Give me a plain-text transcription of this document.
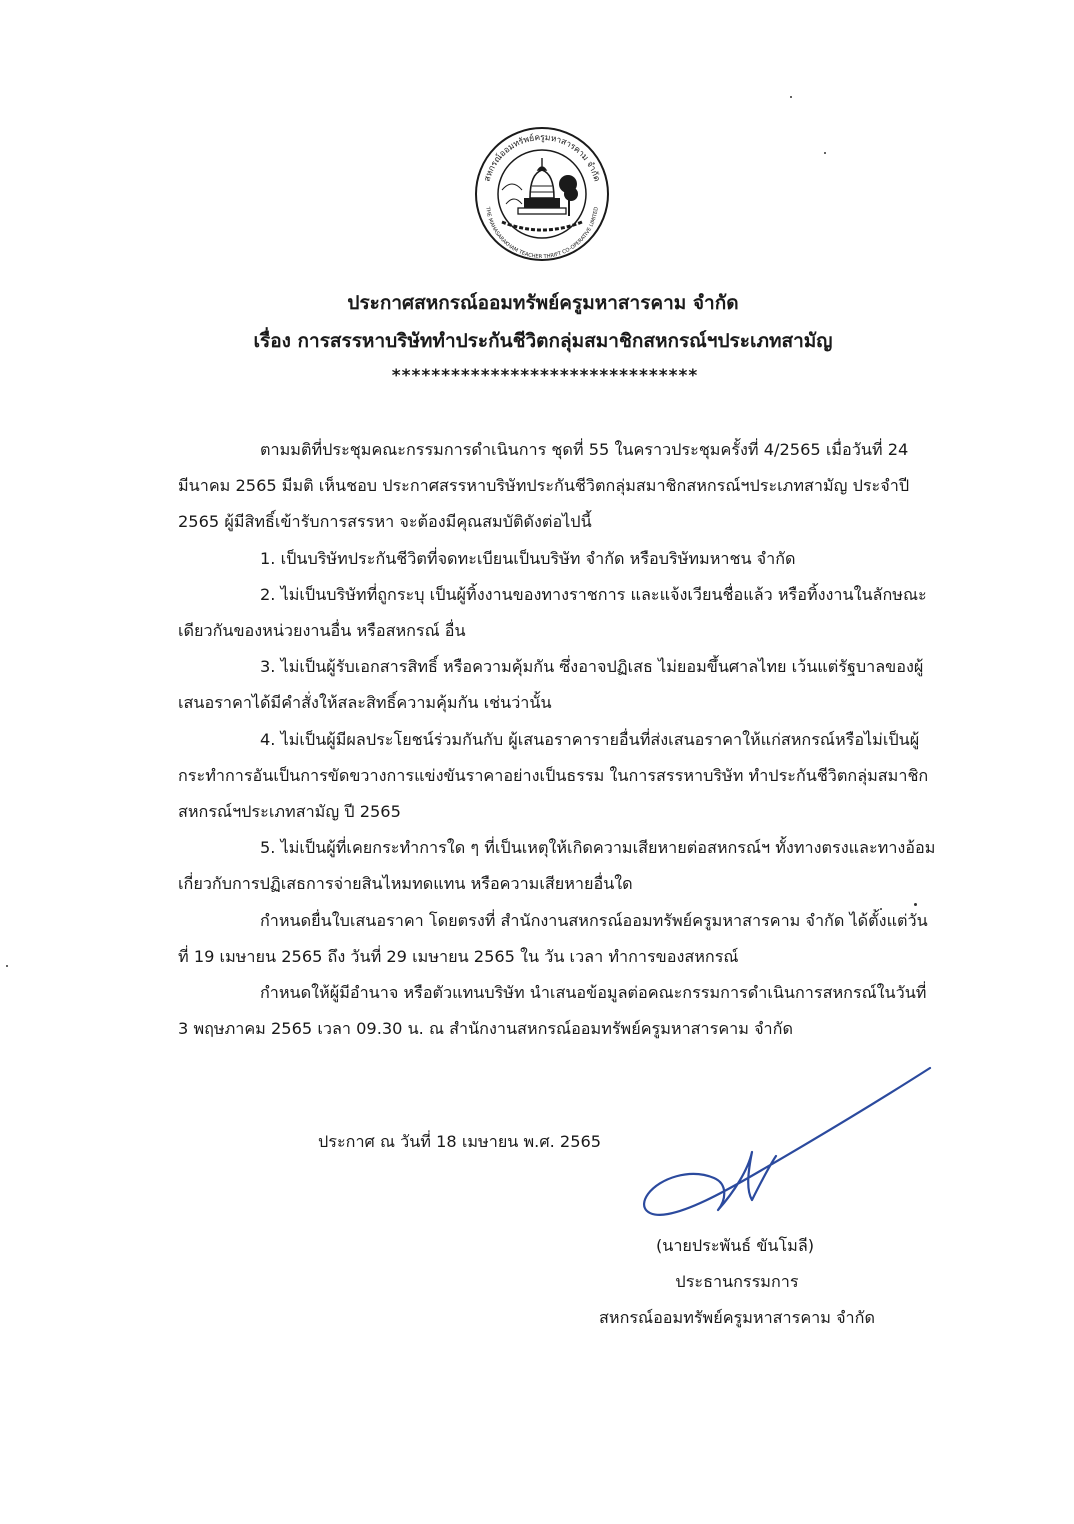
สหกรณ์ออมทรัพย์ครูมหาสารคาม จำกัด
THE MAHASARAKHAM TEACHER THRIFT CO-OPERATIVE LIMITED
ประกาศสหกรณ์ออมทรัพย์ครูมหาสารคาม จำกัด
เรื่อง การสรรหาบริษัททำประกันชีวิตกลุ่มสมาชิกสหกรณ์ฯประเภทสามัญ
*******************************

ตามมติที่ประชุมคณะกรรมการดำเนินการ ชุดที่ 55 ในคราวประชุมครั้งที่ 4/2565 เมื่อวันที่ 24 มีนาคม 2565 มีมติ เห็นชอบ ประกาศสรรหาบริษัทประกันชีวิตกลุ่มสมาชิกสหกรณ์ฯประเภทสามัญ ประจำปี 2565 ผู้มีสิทธิ์เข้ารับการสรรหา จะต้องมีคุณสมบัติดังต่อไปนี้

1. เป็นบริษัทประกันชีวิตที่จดทะเบียนเป็นบริษัท จำกัด หรือบริษัทมหาชน จำกัด

2. ไม่เป็นบริษัทที่ถูกระบุ เป็นผู้ทิ้งงานของทางราชการ และแจ้งเวียนชื่อแล้ว หรือทิ้งงานในลักษณะเดียวกันของหน่วยงานอื่น หรือสหกรณ์ อื่น

3. ไม่เป็นผู้รับเอกสารสิทธิ์ หรือความคุ้มกัน ซึ่งอาจปฏิเสธ ไม่ยอมขึ้นศาลไทย เว้นแต่รัฐบาลของผู้เสนอราคาได้มีคำสั่งให้สละสิทธิ์ความคุ้มกัน เช่นว่านั้น

4. ไม่เป็นผู้มีผลประโยชน์ร่วมกันกับ ผู้เสนอราคารายอื่นที่ส่งเสนอราคาให้แก่สหกรณ์หรือไม่เป็นผู้กระทำการอันเป็นการขัดขวางการแข่งขันราคาอย่างเป็นธรรม ในการสรรหาบริษัท ทำประกันชีวิตกลุ่มสมาชิกสหกรณ์ฯประเภทสามัญ ปี 2565

5. ไม่เป็นผู้ที่เคยกระทำการใด ๆ ที่เป็นเหตุให้เกิดความเสียหายต่อสหกรณ์ฯ ทั้งทางตรงและทางอ้อมเกี่ยวกับการปฏิเสธการจ่ายสินไหมทดแทน หรือความเสียหายอื่นใด

กำหนดยื่นใบเสนอราคา โดยตรงที่ สำนักงานสหกรณ์ออมทรัพย์ครูมหาสารคาม จำกัด ได้ตั้งแต่วันที่ 19 เมษายน 2565 ถึง วันที่ 29 เมษายน 2565 ใน วัน เวลา ทำการของสหกรณ์

กำหนดให้ผู้มีอำนาจ หรือตัวแทนบริษัท นำเสนอข้อมูลต่อคณะกรรมการดำเนินการสหกรณ์ในวันที่ 3 พฤษภาคม 2565 เวลา 09.30 น. ณ สำนักงานสหกรณ์ออมทรัพย์ครูมหาสารคาม จำกัด

ประกาศ ณ วันที่ 18 เมษายน พ.ศ. 2565
(นายประพันธ์ ขันโมลี)
ประธานกรรมการ
สหกรณ์ออมทรัพย์ครูมหาสารคาม จำกัด
